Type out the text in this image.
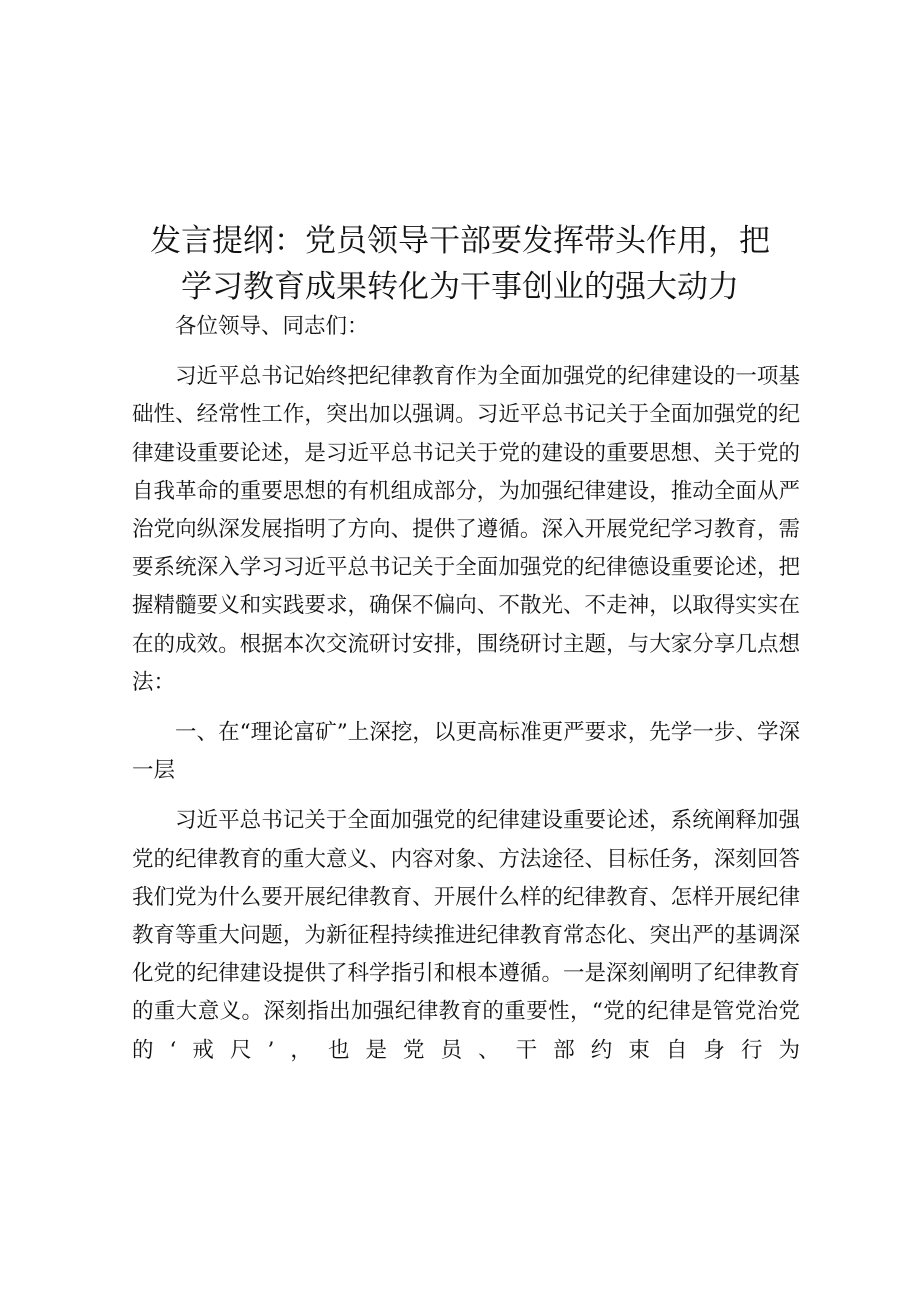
发言提纲：党员领导干部要发挥带头作用，把
学习教育成果转化为干事创业的强大动力

各位领导、同志们：

习近平总书记始终把纪律教育作为全面加强党的纪律建设的一项基础性、经常性工作，突出加以强调。习近平总书记关于全面加强党的纪律建设重要论述，是习近平总书记关于党的建设的重要思想、关于党的自我革命的重要思想的有机组成部分，为加强纪律建设，推动全面从严治党向纵深发展指明了方向、提供了遵循。深入开展党纪学习教育，需要系统深入学习习近平总书记关于全面加强党的纪律德设重要论述，把握精髓要义和实践要求，确保不偏向、不散光、不走神，以取得实实在在的成效。根据本次交流研讨安排，围绕研讨主题，与大家分享几点想法：

一、在“理论富矿”上深挖，以更高标准更严要求，先学一步、学深一层

习近平总书记关于全面加强党的纪律建设重要论述，系统阐释加强党的纪律教育的重大意义、内容对象、方法途径、目标任务，深刻回答我们党为什么要开展纪律教育、开展什么样的纪律教育、怎样开展纪律教育等重大问题，为新征程持续推进纪律教育常态化、突出严的基调深化党的纪律建设提供了科学指引和根本遵循。一是深刻阐明了纪律教育的重大意义。深刻指出加强纪律教育的重要性，“党的纪律是管党治党的‘戒尺’，也是党员、干部约束自身行为
